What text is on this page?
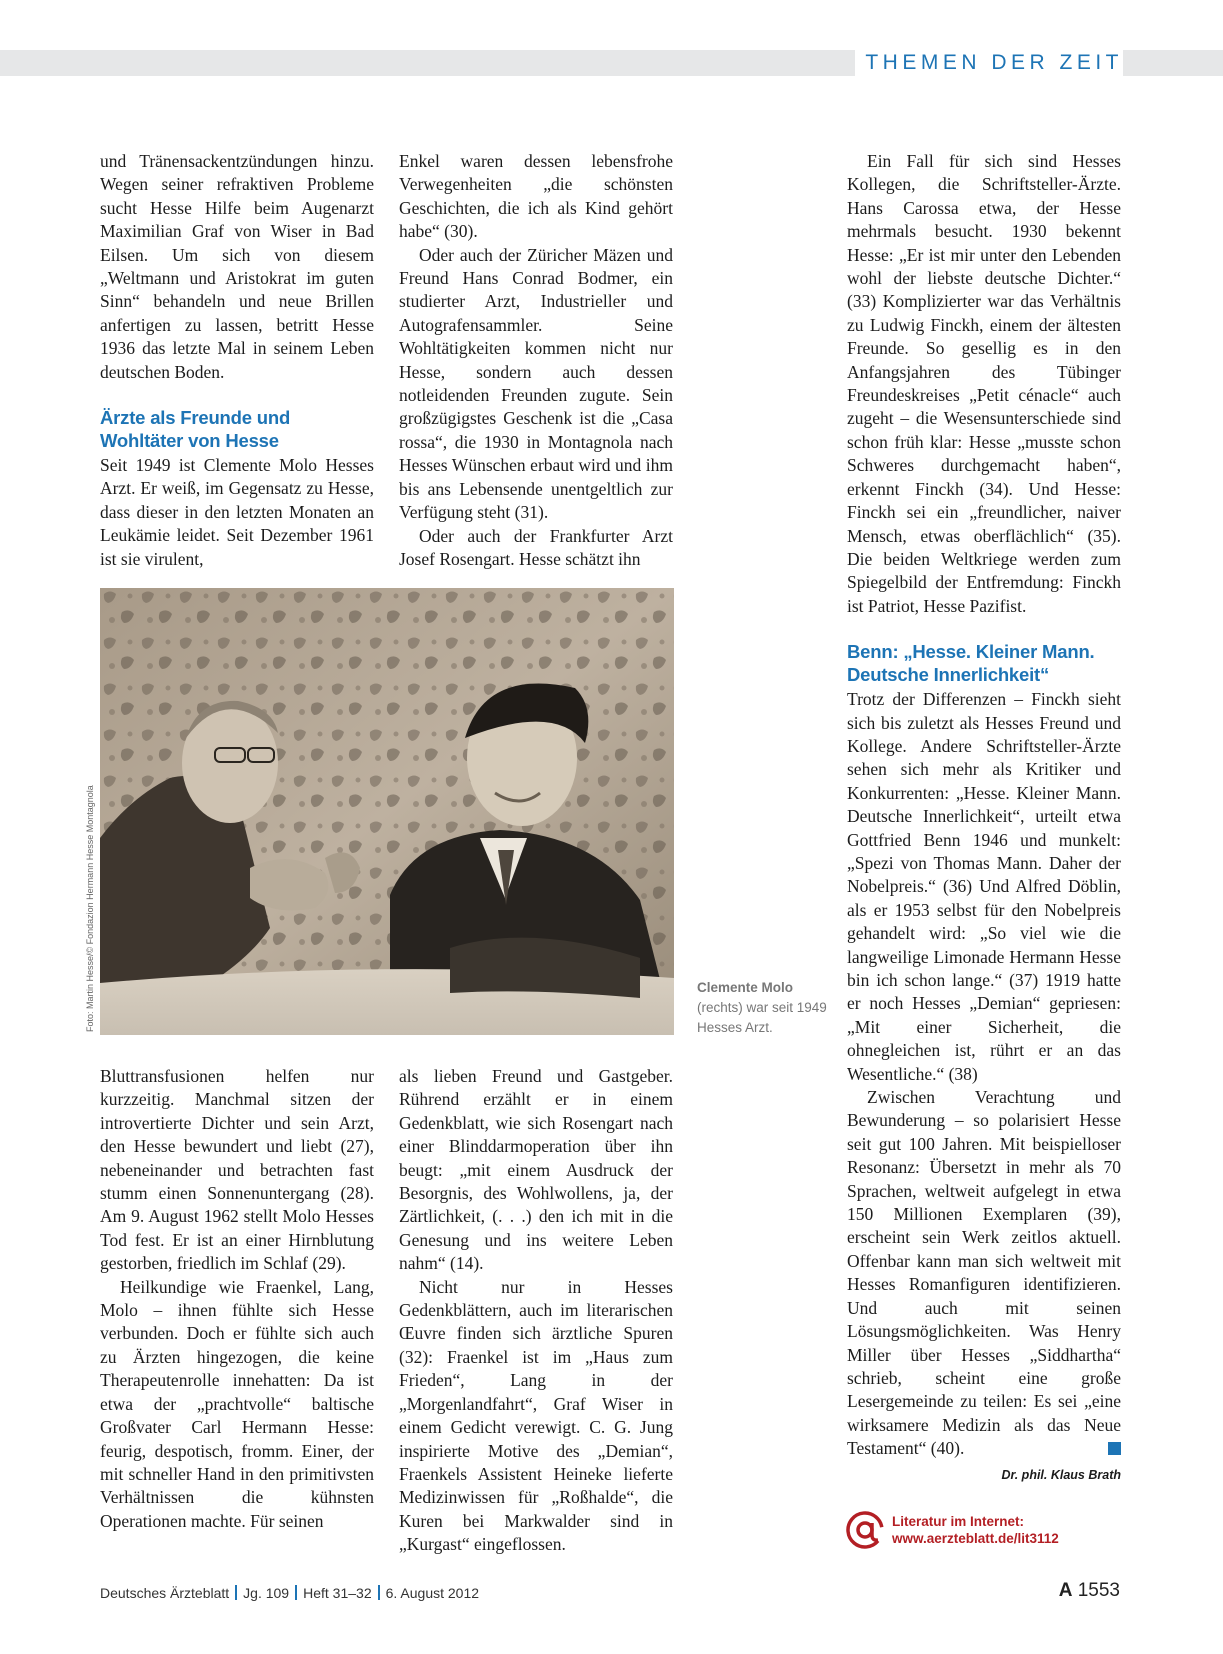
THEMEN DER ZEIT

und Tränensackentzündungen hinzu. Wegen seiner refraktiven Probleme sucht Hesse Hilfe beim Augenarzt Maximilian Graf von Wiser in Bad Eilsen. Um sich von diesem „Weltmann und Aristokrat im guten Sinn“ behandeln und neue Brillen anfertigen zu lassen, betritt Hesse 1936 das letzte Mal in seinem Leben deutschen Boden.

Ärzte als Freunde und Wohltäter von Hesse

Seit 1949 ist Clemente Molo Hesses Arzt. Er weiß, im Gegensatz zu Hesse, dass dieser in den letzten Monaten an Leukämie leidet. Seit Dezember 1961 ist sie virulent,

Enkel waren dessen lebensfrohe Verwegenheiten „die schönsten Geschichten, die ich als Kind gehört habe“ (30).

Oder auch der Züricher Mäzen und Freund Hans Conrad Bodmer, ein studierter Arzt, Industrieller und Autografensammler. Seine Wohltätigkeiten kommen nicht nur Hesse, sondern auch dessen notleidenden Freunden zugute. Sein großzügigstes Geschenk ist die „Casa rossa“, die 1930 in Montagnola nach Hesses Wünschen erbaut wird und ihm bis ans Lebensende unentgeltlich zur Verfügung steht (31).

Oder auch der Frankfurter Arzt Josef Rosengart. Hesse schätzt ihn

Foto: Martin Hesse/© Fondazion Hermann Hesse Montagnola	Clemente Molo
(rechts) war seit 1949 Hesses Arzt.

Bluttransfusionen helfen nur kurzzeitig. Manchmal sitzen der introvertierte Dichter und sein Arzt, den Hesse bewundert und liebt (27), nebeneinander und betrachten fast stumm einen Sonnenuntergang (28). Am 9. August 1962 stellt Molo Hesses Tod fest. Er ist an einer Hirnblutung gestorben, friedlich im Schlaf (29).

Heilkundige wie Fraenkel, Lang, Molo – ihnen fühlte sich Hesse verbunden. Doch er fühlte sich auch zu Ärzten hingezogen, die keine Therapeutenrolle innehatten: Da ist etwa der „prachtvolle“ baltische Großvater Carl Hermann Hesse: feurig, despotisch, fromm. Einer, der mit schneller Hand in den primitivsten Verhältnissen die kühnsten Operationen machte. Für seinen

als lieben Freund und Gastgeber. Rührend erzählt er in einem Gedenkblatt, wie sich Rosengart nach einer Blinddarmoperation über ihn beugt: „mit einem Ausdruck der Besorgnis, des Wohlwollens, ja, der Zärtlichkeit, (. . .) den ich mit in die Genesung und ins weitere Leben nahm“ (14).

Nicht nur in Hesses Gedenkblättern, auch im literarischen Œuvre finden sich ärztliche Spuren (32): Fraenkel ist im „Haus zum Frieden“, Lang in der „Morgenlandfahrt“, Graf Wiser in einem Gedicht verewigt. C. G. Jung inspirierte Motive des „Demian“, Fraenkels Assistent Heineke lieferte Medizinwissen für „Roßhalde“, die Kuren bei Markwalder sind in „Kurgast“ eingeflossen.

Ein Fall für sich sind Hesses Kollegen, die Schriftsteller-Ärzte. Hans Carossa etwa, der Hesse mehrmals besucht. 1930 bekennt Hesse: „Er ist mir unter den Lebenden wohl der liebste deutsche Dichter.“ (33) Komplizierter war das Verhältnis zu Ludwig Finckh, einem der ältesten Freunde. So gesellig es in den Anfangsjahren des Tübinger Freundeskreises „Petit cénacle“ auch zugeht – die Wesensunterschiede sind schon früh klar: Hesse „musste schon Schweres durchgemacht haben“, erkennt Finckh (34). Und Hesse: Finckh sei ein „freundlicher, naiver Mensch, etwas oberflächlich“ (35). Die beiden Weltkriege werden zum Spiegelbild der Entfremdung: Finckh ist Patriot, Hesse Pazifist.

Benn: „Hesse. Kleiner Mann. Deutsche Innerlichkeit“

Trotz der Differenzen – Finckh sieht sich bis zuletzt als Hesses Freund und Kollege. Andere Schriftsteller-Ärzte sehen sich mehr als Kritiker und Konkurrenten: „Hesse. Kleiner Mann. Deutsche Innerlichkeit“, urteilt etwa Gottfried Benn 1946 und munkelt: „Spezi von Thomas Mann. Daher der Nobelpreis.“ (36) Und Alfred Döblin, als er 1953 selbst für den Nobelpreis gehandelt wird: „So viel wie die langweilige Limonade Hermann Hesse bin ich schon lange.“ (37) 1919 hatte er noch Hesses „Demian“ gepriesen: „Mit einer Sicherheit, die ohnegleichen ist, rührt er an das Wesentliche.“ (38)

Zwischen Verachtung und Bewunderung – so polarisiert Hesse seit gut 100 Jahren. Mit beispielloser Resonanz: Übersetzt in mehr als 70 Sprachen, weltweit aufgelegt in etwa 150 Millionen Exemplaren (39), erscheint sein Werk zeitlos aktuell. Offenbar kann man sich weltweit mit Hesses Romanfiguren identifizieren. Und auch mit seinen Lösungsmöglichkeiten. Was Henry Miller über Hesses „Siddhartha“ schrieb, scheint eine große Lesergemeinde zu teilen: Es sei „eine wirksamere Medizin als das Neue Testament“ (40).

Dr. phil. Klaus Brath

Literatur im Internet:
www.aerzteblatt.de/lit3112
Deutsches Ärzteblatt Jg. 109 Heft 31–32 6. August 2012	A 1553
